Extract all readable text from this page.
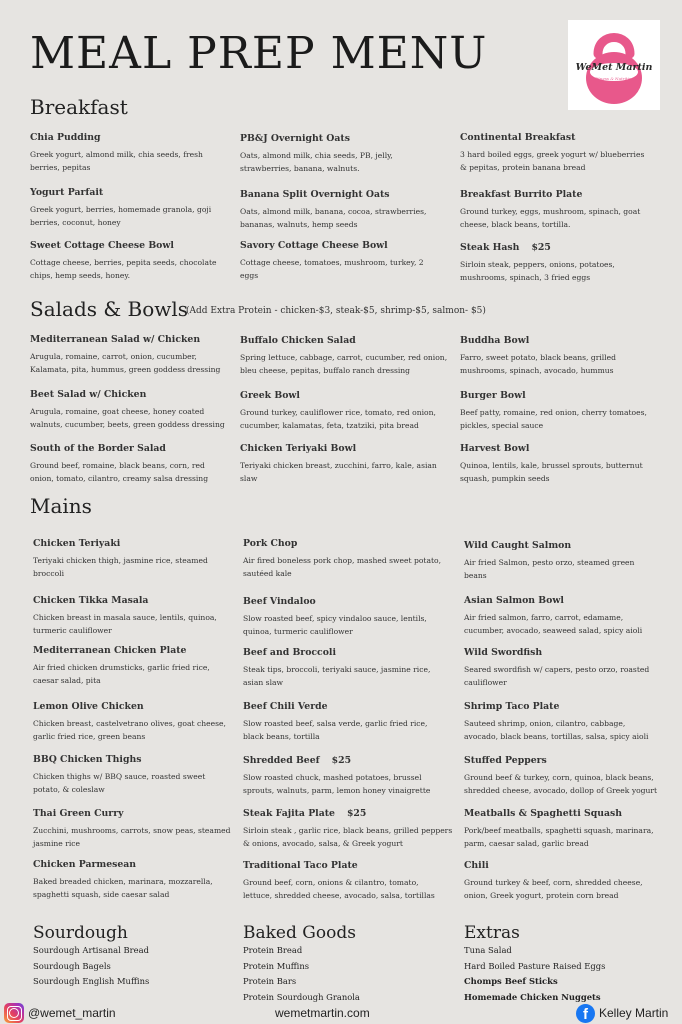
MEAL PREP MENU	WeMet Martin
Fitness & Nutrition
Breakfast
Chia Pudding
Greek yogurt, almond milk, chia seeds, fresh berries, pepitas
PB&J Overnight Oats
Oats, almond milk, chia seeds, PB, jelly, strawberries, banana, walnuts.
Continental Breakfast
3 hard boiled eggs, greek yogurt w/ blueberries & pepitas, protein banana bread
Yogurt Parfait
Greek yogurt, berries, homemade granola, goji berries, coconut, honey
Banana Split Overnight Oats
Oats, almond milk, banana, cocoa, strawberries, bananas, walnuts, hemp seeds
Breakfast Burrito Plate
Ground turkey, eggs, mushroom, spinach, goat cheese, black beans, tortilla.
Sweet Cottage Cheese Bowl
Cottage cheese, berries, pepita seeds, chocolate chips, hemp seeds, honey.
Savory Cottage Cheese Bowl
Cottage cheese, tomatoes, mushroom, turkey, 2 eggs
Steak Hash $25
Sirloin steak, peppers, onions, potatoes, mushrooms, spinach, 3 fried eggs
Salads & Bowls
(Add Extra Protein - chicken-$3, steak-$5, shrimp-$5, salmon- $5)
Mediterranean Salad w/ Chicken
Arugula, romaine, carrot, onion, cucumber, Kalamata, pita, hummus, green goddess dressing
Buffalo Chicken Salad
Spring lettuce, cabbage, carrot, cucumber, red onion, bleu cheese, pepitas, buffalo ranch dressing
Buddha Bowl
Farro, sweet potato, black beans, grilled mushrooms, spinach, avocado, hummus
Beet Salad w/ Chicken
Arugula, romaine, goat cheese, honey coated walnuts, cucumber, beets, green goddess dressing
Greek Bowl
Ground turkey, cauliflower rice, tomato, red onion, cucumber, kalamatas, feta, tzatziki, pita bread
Burger Bowl
Beef patty, romaine, red onion, cherry tomatoes, pickles, special sauce
South of the Border Salad
Ground beef, romaine, black beans, corn, red onion, tomato, cilantro, creamy salsa dressing
Chicken Teriyaki Bowl
Teriyaki chicken breast, zucchini, farro, kale, asian slaw
Harvest Bowl
Quinoa, lentils, kale, brussel sprouts, butternut squash, pumpkin seeds
Mains
Chicken Teriyaki
Teriyaki chicken thigh, jasmine rice, steamed broccoli
Pork Chop
Air fired boneless pork chop, mashed sweet potato, sautéed kale
Wild Caught Salmon
Air fried Salmon, pesto orzo, steamed green beans
Chicken Tikka Masala
Chicken breast in masala sauce, lentils, quinoa, turmeric cauliflower
Beef Vindaloo
Slow roasted beef, spicy vindaloo sauce, lentils, quinoa, turmeric cauliflower
Asian Salmon Bowl
Air fried salmon, farro, carrot, edamame, cucumber, avocado, seaweed salad, spicy aioli
Mediterranean Chicken Plate
Air fried chicken drumsticks, garlic fried rice, caesar salad, pita
Beef and Broccoli
Steak tips, broccoli, teriyaki sauce, jasmine rice, asian slaw
Wild Swordfish
Seared swordfish w/ capers, pesto orzo, roasted cauliflower
Lemon Olive Chicken
Chicken breast, castelvetrano olives, goat cheese, garlic fried rice, green beans
Beef Chili Verde
Slow roasted beef, salsa verde, garlic fried rice, black beans, tortilla
Shrimp Taco Plate
Sauteed shrimp, onion, cilantro, cabbage, avocado, black beans, tortillas, salsa, spicy aioli
BBQ Chicken Thighs
Chicken thighs w/ BBQ sauce, roasted sweet potato, & coleslaw
Shredded Beef $25
Slow roasted chuck, mashed potatoes, brussel sprouts, walnuts, parm, lemon honey vinaigrette
Stuffed Peppers
Ground beef & turkey, corn, quinoa, black beans, shredded cheese, avocado, dollop of Greek yogurt
Thai Green Curry
Zucchini, mushrooms, carrots, snow peas, steamed jasmine rice
Steak Fajita Plate $25
Sirloin steak , garlic rice, black beans, grilled peppers & onions, avocado, salsa, & Greek yogurt
Meatballs & Spaghetti Squash
Pork/beef meatballs, spaghetti squash, marinara, parm, caesar salad, garlic bread
Chicken Parmesean
Baked breaded chicken, marinara, mozzarella, spaghetti squash, side caesar salad
Traditional Taco Plate
Ground beef, corn, onions & cilantro, tomato, lettuce, shredded cheese, avocado, salsa, tortillas
Chili
Ground turkey & beef, corn, shredded cheese, onion, Greek yogurt, protein corn bread
Sourdough
Sourdough Artisanal Bread
Sourdough Bagels
Sourdough English Muffins
Baked Goods
Protein Bread
Protein Muffins
Protein Bars
Protein Sourdough Granola
Extras
Tuna Salad
Hard Boiled Pasture Raised Eggs
Chomps Beef Sticks
Homemade Chicken Nuggets
@wemet_martin	wemetmartin.com	f Kelley Martin
